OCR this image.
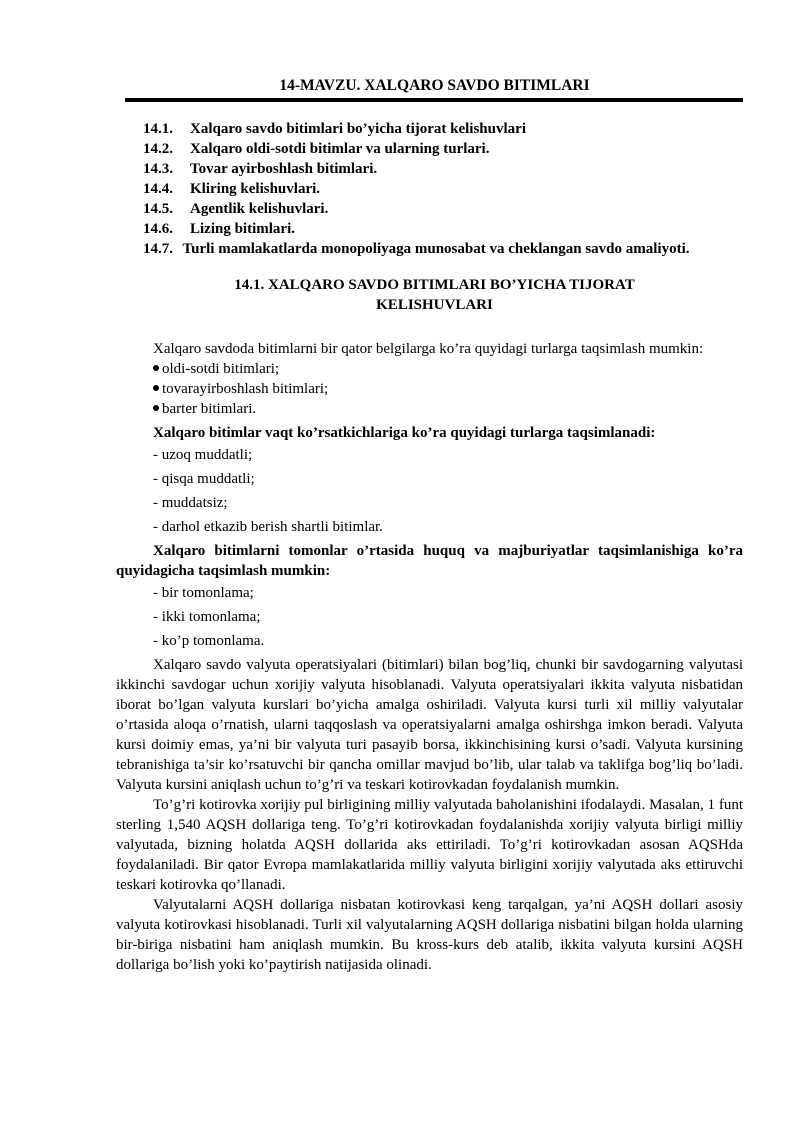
14-MAVZU. XALQARO SAVDO BITIMLARI
14.1.	Xalqaro savdo bitimlari bo’yicha tijorat kelishuvlari
14.2.	Xalqaro oldi-sotdi bitimlar va ularning turlari.
14.3.	Tovar ayirboshlash bitimlari.
14.4.	Kliring kelishuvlari.
14.5.	Agentlik kelishuvlari.
14.6.	Lizing bitimlari.
14.7. Turli mamlakatlarda monopoliyaga munosabat va cheklangan savdo amaliyoti.
14.1. XALQARO SAVDO BITIMLARI BO’YICHA TIJORAT
KELISHUVLARI

Xalqaro savdoda bitimlarni bir qator belgilarga ko’ra quyidagi turlarga taqsimlash mumkin:

oldi-sotdi bitimlari;
tovarayirboshlash bitimlari;
barter bitimlari.

Xalqaro bitimlar vaqt ko’rsatkichlariga ko’ra quyidagi turlarga taqsimlanadi:

- uzoq muddatli;
- qisqa muddatli;
- muddatsiz;
- darhol etkazib berish shartli bitimlar.

Xalqaro bitimlarni tomonlar o’rtasida huquq va majburiyatlar taqsimlanishiga ko’ra quyidagicha taqsimlash mumkin:

- bir tomonlama;
- ikki tomonlama;
- ko’p tomonlama.

Xalqaro savdo valyuta operatsiyalari (bitimlari) bilan bog’liq, chunki bir savdogarning valyutasi ikkinchi savdogar uchun xorijiy valyuta hisoblanadi. Valyuta operatsiyalari ikkita valyuta nisbatidan iborat bo’lgan valyuta kurslari bo’yicha amalga oshiriladi. Valyuta kursi turli xil milliy valyutalar o’rtasida aloqa o’rnatish, ularni taqqoslash va operatsiyalarni amalga oshirshga imkon beradi. Valyuta kursi doimiy emas, ya’ni bir valyuta turi pasayib borsa, ikkinchisining kursi o’sadi. Valyuta kursining tebranishiga ta’sir ko’rsatuvchi bir qancha omillar mavjud bo’lib, ular talab va taklifga bog’liq bo’ladi. Valyuta kursini aniqlash uchun to’g’ri va teskari kotirovkadan foydalanish mumkin.

To’g’ri kotirovka xorijiy pul birligining milliy valyutada baholanishini ifodalaydi. Masalan, 1 funt sterling 1,540 AQSH dollariga teng. To’g’ri kotirovkadan foydalanishda xorijiy valyuta birligi milliy valyutada, bizning holatda AQSH dollarida aks ettiriladi. To’g’ri kotirovkadan asosan AQSHda foydalaniladi. Bir qator Evropa mamlakatlarida milliy valyuta birligini xorijiy valyutada aks ettiruvchi teskari kotirovka qo’llanadi.

Valyutalarni AQSH dollariga nisbatan kotirovkasi keng tarqalgan, ya’ni AQSH dollari asosiy valyuta kotirovkasi hisoblanadi. Turli xil valyutalarning AQSH dollariga nisbatini bilgan holda ularning bir-biriga nisbatini ham aniqlash mumkin. Bu kross-kurs deb atalib, ikkita valyuta kursini AQSH dollariga bo’lish yoki ko’paytirish natijasida olinadi.
